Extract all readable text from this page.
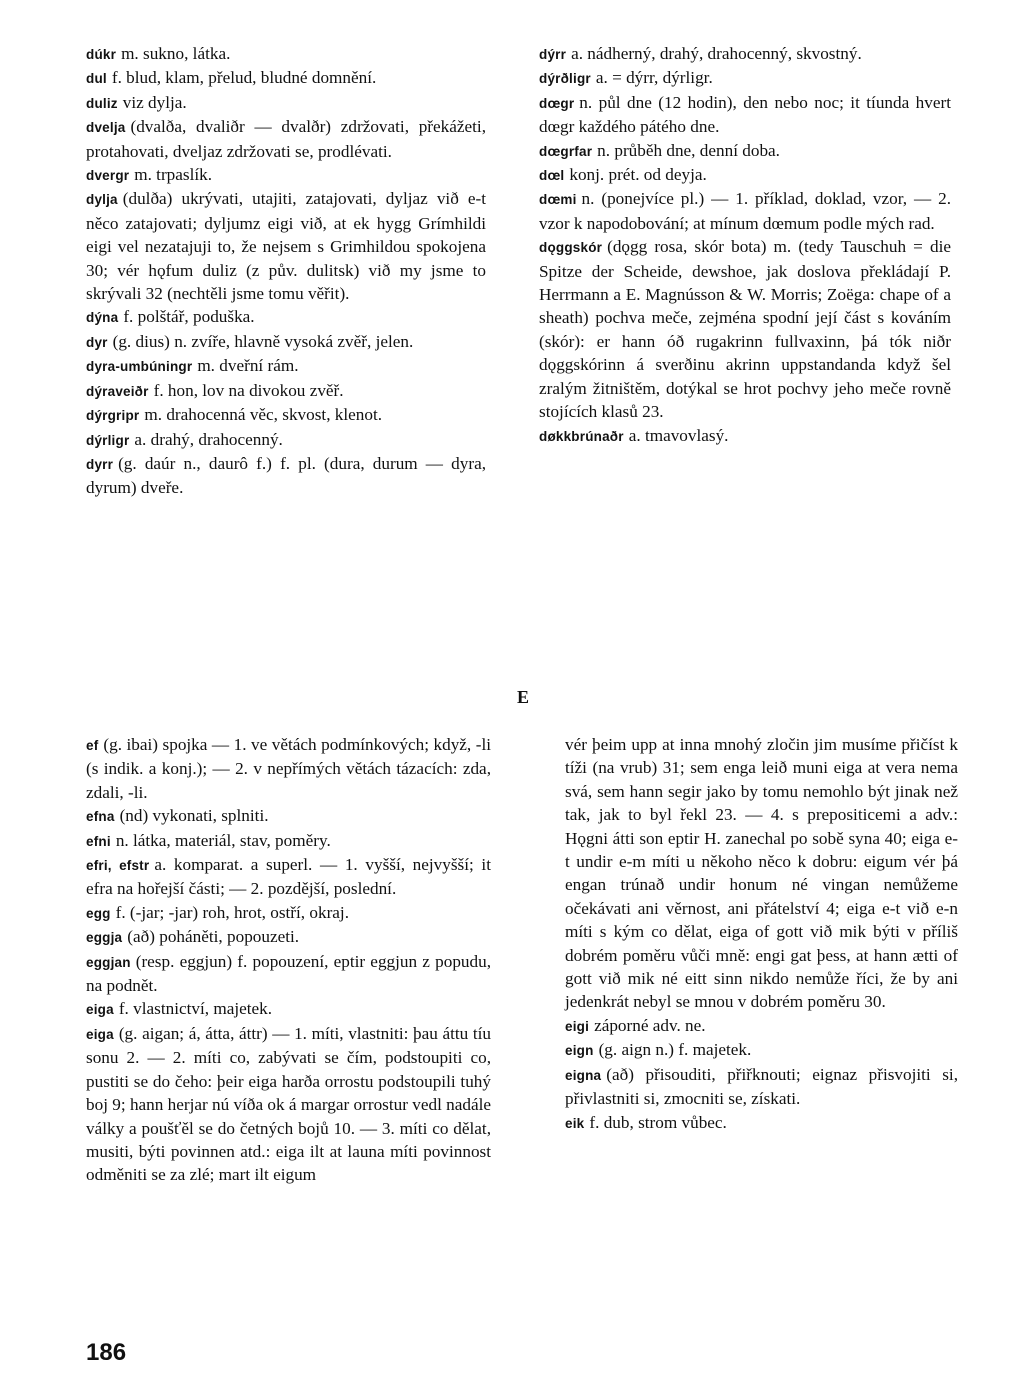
dúkr m. sukno, látka.

dul f. blud, klam, přelud, bludné domnění.

duliz viz dylja.

dvelja (dvalða, dvaliðr — dvalðr) zdržovati, překážeti, protahovati, dveljaz zdržovati se, prodlévati.

dvergr m. trpaslík.

dylja (dulða) ukrývati, utajiti, zatajovati, dyljaz við e-t něco zatajovati; dyljumz eigi við, at ek hygg Grímhildi eigi vel nezatajuji to, že nejsem s Grimhildou spokojena 30; vér hǫfum duliz (z pův. dulitsk) við my jsme to skrývali 32 (nechtěli jsme tomu věřit).

dýna f. polštář, poduška.

dyr (g. dius) n. zvíře, hlavně vysoká zvěř, jelen.

dyra-umbúningr m. dveřní rám.

dýraveiðr f. hon, lov na divokou zvěř.

dýrgripr m. drahocenná věc, skvost, klenot.

dýrligr a. drahý, drahocenný.

dyrr (g. daúr n., daurô f.) f. pl. (dura, durum — dyra, dyrum) dveře.

dýrr a. nádherný, drahý, drahocenný, skvostný.

dýrðligr a. = dýrr, dýrligr.

dœgr n. půl dne (12 hodin), den nebo noc; it tíunda hvert dœgr každého pátého dne.

dœgrfar n. průběh dne, denní doba.

dœl konj. prét. od deyja.

dœmi n. (ponejvíce pl.) — 1. příklad, doklad, vzor, — 2. vzor k napodobování; at mínum dœmum podle mých rad.

dǫggskór (dǫgg rosa, skór bota) m. (tedy Tauschuh = die Spitze der Scheide, dewshoe, jak doslova překládají P. Herrmann a E. Magnússon & W. Morris; Zoëga: chape of a sheath) pochva meče, zejména spodní její část s kováním (skór): er hann óð rugakrinn fullvaxinn, þá tók niðr dǫggskórinn á sverðinu akrinn uppstandanda když šel zralým žitništěm, dotýkal se hrot pochvy jeho meče rovně stojících klasů 23.

døkkbrúnaðr a. tmavovlasý.

E

ef (g. ibai) spojka — 1. ve větách podmínkových; když, -li (s indik. a konj.); — 2. v nepřímých větách tázacích: zda, zdali, -li.

efna (nd) vykonati, splniti.

efni n. látka, materiál, stav, poměry.

efri, efstr a. komparat. a superl. — 1. vyšší, nejvyšší; it efra na hořejší části; — 2. pozdější, poslední.

egg f. (-jar; -jar) roh, hrot, ostří, okraj.

eggja (að) poháněti, popouzeti.

eggjan (resp. eggjun) f. popouzení, eptir eggjun z popudu, na podnět.

eiga f. vlastnictví, majetek.

eiga (g. aigan; á, átta, áttr) — 1. míti, vlastniti: þau áttu tíu sonu 2. — 2. míti co, zabývati se čím, podstoupiti co, pustiti se do čeho: þeir eiga harða orrostu podstoupili tuhý boj 9; hann herjar nú víða ok á margar orrostur vedl nadále války a poušťěl se do četných bojů 10. — 3. míti co dělat, musiti, býti povinnen atd.: eiga ilt at launa míti povinnost odměniti se za zlé; mart ilt eigum

vér þeim upp at inna mnohý zločin jim musíme přičíst k tíži (na vrub) 31; sem enga leið muni eiga at vera nema svá, sem hann segir jako by tomu nemohlo být jinak než tak, jak to byl řekl 23. — 4. s prepositicemi a adv.: Hǫgni átti son eptir H. zanechal po sobě syna 40; eiga e-t undir e-m míti u někoho něco k dobru: eigum vér þá engan trúnað undir honum né vingan nemůžeme očekávati ani věrnost, ani přátelství 4; eiga e-t við e-n míti s kým co dělat, eiga of gott við mik býti v příliš dobrém poměru vůči mně: engi gat þess, at hann ætti of gott við mik né eitt sinn nikdo nemůže říci, že by ani jedenkrát nebyl se mnou v dobrém poměru 30.

eigi záporné adv. ne.

eign (g. aign n.) f. majetek.

eigna (að) přisouditi, přiřknouti; eignaz přisvojiti si, přivlastniti si, zmocniti se, získati.

eik f. dub, strom vůbec.

186
